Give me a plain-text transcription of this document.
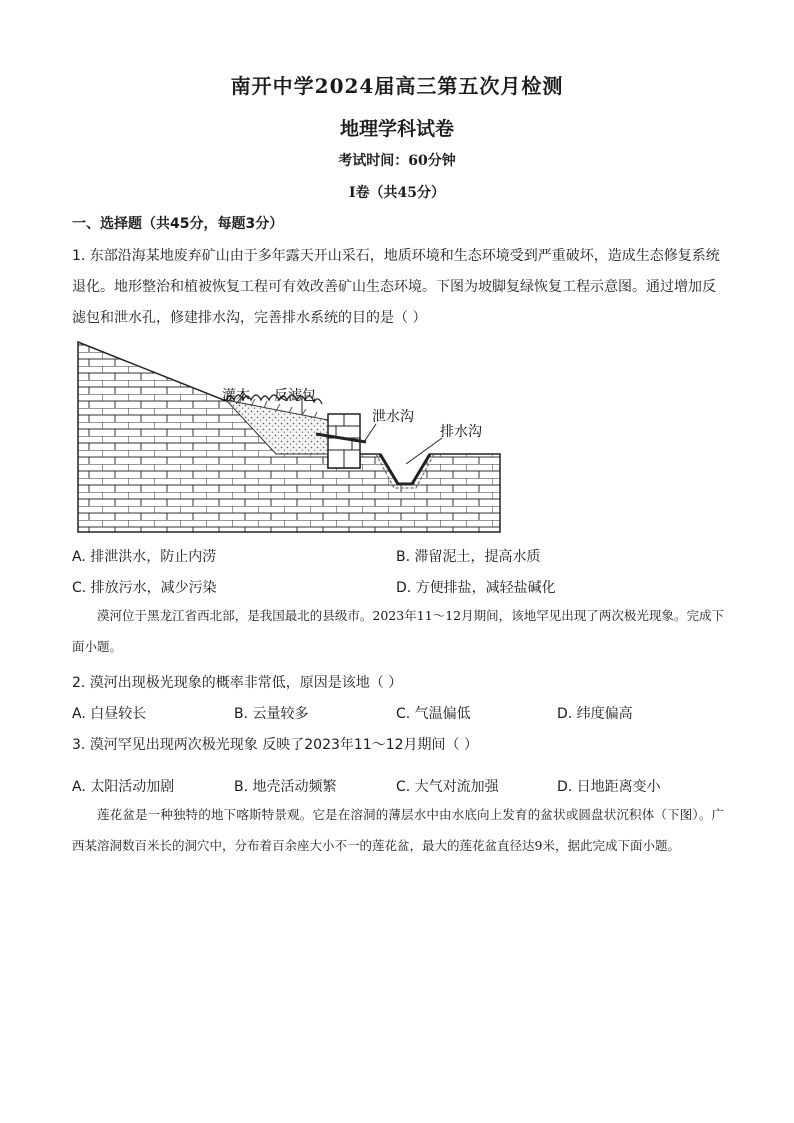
南开中学2024届高三第五次月检测
地理学科试卷
考试时间：60分钟
I卷（共45分）
一、选择题（共45分，每题3分）
1. 东部沿海某地废弃矿山由于多年露天开山采石，地质环境和生态环境受到严重破坏，造成生态修复系统
退化。地形整治和植被恢复工程可有效改善矿山生态环境。下图为坡脚复绿恢复工程示意图。通过增加反
滤包和泄水孔，修建排水沟，完善排水系统的目的是（ ）
灌木 反滤包
泄水沟
排水沟
A. 排泄洪水，防止内涝	B. 滞留泥土，提高水质
C. 排放污水，减少污染	D. 方便排盐，减轻盐碱化
漠河位于黑龙江省西北部，是我国最北的县级市。2023年11～12月期间，该地罕见出现了两次极光现象。完成下面小题。
2. 漠河出现极光现象的概率非常低，原因是该地（ ）
A. 白昼较长	B. 云量较多	C. 气温偏低	D. 纬度偏高
3. 漠河罕见出现两次极光现象 反映了2023年11～12月期间（ ）
A. 太阳活动加剧	B. 地壳活动频繁	C. 大气对流加强	D. 日地距离变小
莲花盆是一种独特的地下喀斯特景观。它是在溶洞的薄层水中由水底向上发育的盆状或圆盘状沉积体（下图）。广西某溶洞数百米长的洞穴中，分布着百余座大小不一的莲花盆，最大的莲花盆直径达9米，据此完成下面小题。
